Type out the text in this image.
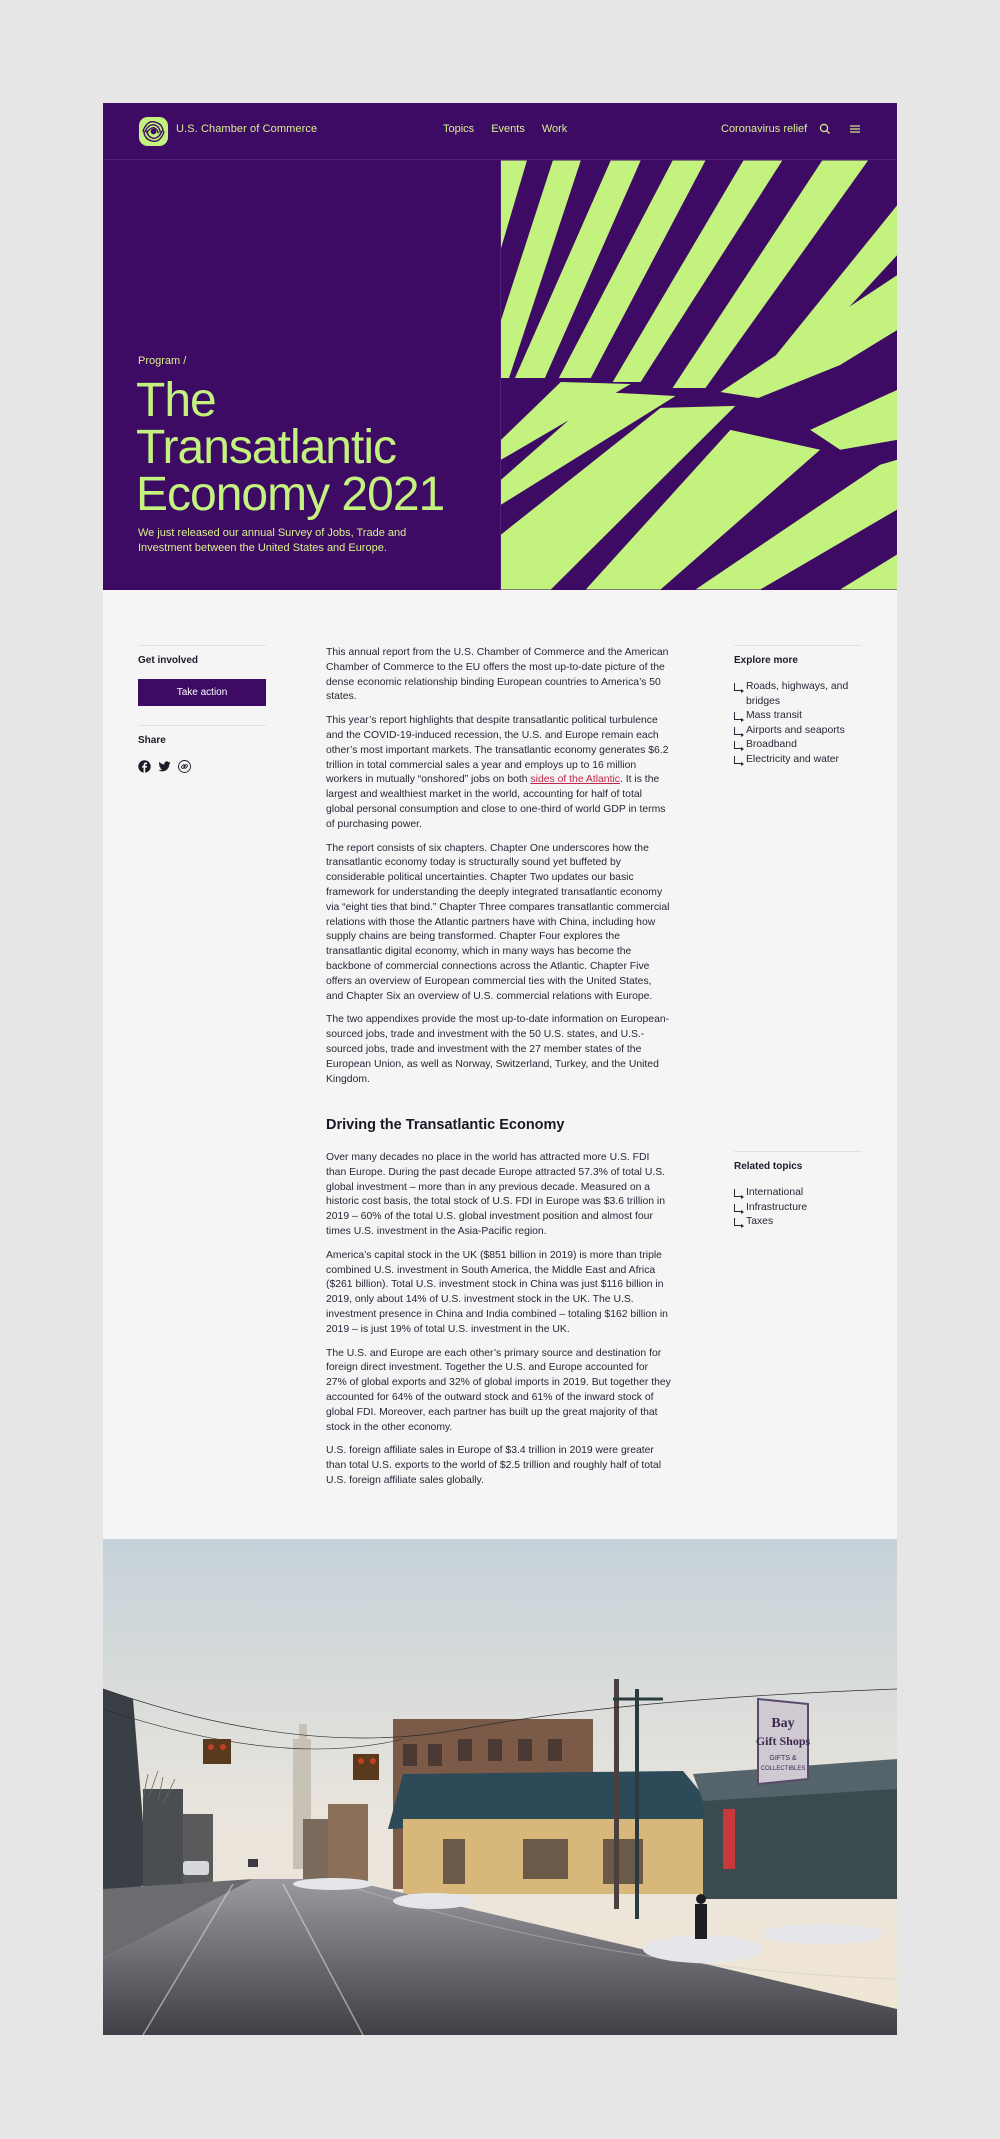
U.S. Chamber of Commerce	Topics Events Work	Coronavirus relief
Program /
The Transatlantic Economy 2021

We just released our annual Survey of Jobs, Trade and Investment between the United States and Europe.

Get involved
Take action
Share

This annual report from the U.S. Chamber of Commerce and the American Chamber of Commerce to the EU offers the most up-to-date picture of the dense economic relationship binding European countries to America’s 50 states.

This year’s report highlights that despite transatlantic political turbulence and the COVID-19-induced recession, the U.S. and Europe remain each other’s most important markets. The transatlantic economy generates $6.2 trillion in total commercial sales a year and employs up to 16 million workers in mutually “onshored” jobs on both sides of the Atlantic. It is the largest and wealthiest market in the world, accounting for half of total global personal consumption and close to one-third of world GDP in terms of purchasing power.

The report consists of six chapters. Chapter One underscores how the transatlantic economy today is structurally sound yet buffeted by considerable political uncertainties. Chapter Two updates our basic framework for understanding the deeply integrated transatlantic economy via “eight ties that bind.” Chapter Three compares transatlantic commercial relations with those the Atlantic partners have with China, including how supply chains are being transformed. Chapter Four explores the transatlantic digital economy, which in many ways has become the backbone of commercial connections across the Atlantic. Chapter Five offers an overview of European commercial ties with the United States, and Chapter Six an overview of U.S. commercial relations with Europe.

The two appendixes provide the most up-to-date information on European-sourced jobs, trade and investment with the 50 U.S. states, and U.S.-sourced jobs, trade and investment with the 27 member states of the European Union, as well as Norway, Switzerland, Turkey, and the United Kingdom.

Driving the Transatlantic Economy

Over many decades no place in the world has attracted more U.S. FDI than Europe. During the past decade Europe attracted 57.3% of total U.S. global investment – more than in any previous decade. Measured on a historic cost basis, the total stock of U.S. FDI in Europe was $3.6 trillion in 2019 – 60% of the total U.S. global investment position and almost four times U.S. investment in the Asia-Pacific region.

America’s capital stock in the UK ($851 billion in 2019) is more than triple combined U.S. investment in South America, the Middle East and Africa ($261 billion). Total U.S. investment stock in China was just $116 billion in 2019, only about 14% of U.S. investment stock in the UK. The U.S. investment presence in China and India combined – totaling $162 billion in 2019 – is just 19% of total U.S. investment in the UK.

The U.S. and Europe are each other’s primary source and destination for foreign direct investment. Together the U.S. and Europe accounted for 27% of global exports and 32% of global imports in 2019. But together they accounted for 64% of the outward stock and 61% of the inward stock of global FDI. Moreover, each partner has built up the great majority of that stock in the other economy.

U.S. foreign affiliate sales in Europe of $3.4 trillion in 2019 were greater than total U.S. exports to the world of $2.5 trillion and roughly half of total U.S. foreign affiliate sales globally.

Explore more
Roads, highways, and bridges
Mass transit
Airports and seaports
Broadband
Electricity and water
Related topics
International
Infrastructure
Taxes
Bay
Gift Shops
GIFTS &
COLLECTIBLES
